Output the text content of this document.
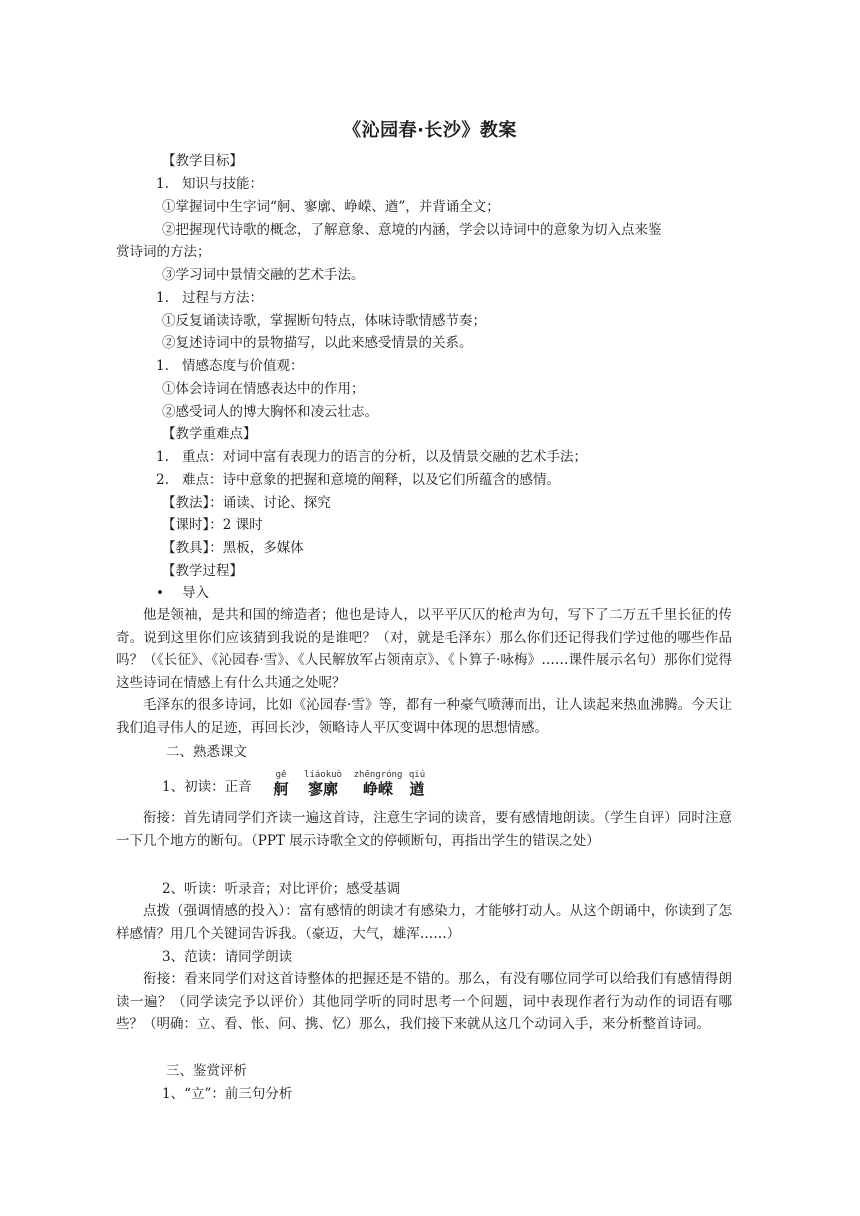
《沁园春·长沙》教案
【教学目标】
1. 知识与技能：
①掌握词中生字词“舸、寥廓、峥嵘、遒”，并背诵全文；
②把握现代诗歌的概念，了解意象、意境的内涵，学会以诗词中的意象为切入点来鉴
赏诗词的方法；
③学习词中景情交融的艺术手法。
1. 过程与方法：
①反复诵读诗歌，掌握断句特点，体味诗歌情感节奏；
②复述诗词中的景物描写，以此来感受情景的关系。
1. 情感态度与价值观：
①体会诗词在情感表达中的作用；
②感受词人的博大胸怀和凌云壮志。
【教学重难点】
1. 重点：对词中富有表现力的语言的分析，以及情景交融的艺术手法；
2. 难点：诗中意象的把握和意境的阐释，以及它们所蕴含的感情。
【教法】：诵读、讨论、探究
【课时】：2 课时
【教具】：黑板，多媒体
【教学过程】
• 导入
他是领袖，是共和国的缔造者；他也是诗人，以平平仄仄的枪声为句，写下了二万五千里长征的传奇。说到这里你们应该猜到我说的是谁吧？（对，就是毛泽东）那么你们还记得我们学过他的哪些作品吗？（《长征》、《沁园春·雪》、《人民解放军占领南京》、《卜算子·咏梅》……课件展示名句）那你们觉得这些诗词在情感上有什么共通之处呢？
毛泽东的很多诗词，比如《沁园春·雪》等，都有一种豪气喷薄而出，让人读起来热血沸腾。今天让我们追寻伟人的足迹，再回长沙，领略诗人平仄变调中体现的思想情感。
二、熟悉课文
1、初读：正音
gě
舸
liáokuò
寥廓
zhēngróng
峥嵘
qiú
遒
衔接：首先请同学们齐读一遍这首诗，注意生字词的读音，要有感情地朗读。（学生自评）同时注意一下几个地方的断句。（PPT 展示诗歌全文的停顿断句，再指出学生的错误之处）
2、听读：听录音；对比评价；感受基调
点拨（强调情感的投入）：富有感情的朗读才有感染力，才能够打动人。从这个朗诵中，你读到了怎样感情？用几个关键词告诉我。（豪迈，大气，雄浑……）
3、范读：请同学朗读
衔接：看来同学们对这首诗整体的把握还是不错的。那么，有没有哪位同学可以给我们有感情得朗读一遍？（同学读完予以评价）其他同学听的同时思考一个问题，词中表现作者行为动作的词语有哪些？（明确：立、看、怅、问、携、忆）那么，我们接下来就从这几个动词入手，来分析整首诗词。
三、鉴赏评析
1、“立”：前三句分析
